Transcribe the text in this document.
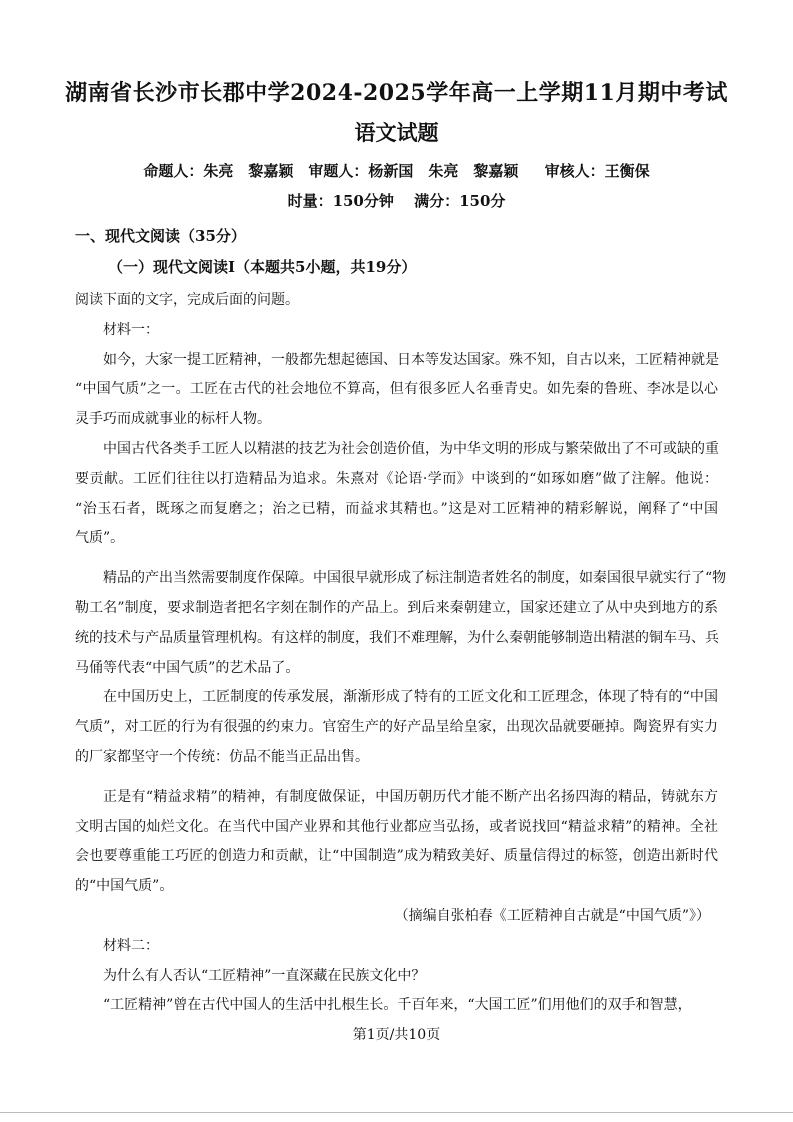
湖南省长沙市长郡中学2024-2025学年高一上学期11月期中考试
语文试题
命题人：朱亮　黎嘉颖　审题人：杨新国　朱亮　黎嘉颖　 审核人：王衡保
时量：150分钟　 满分：150分
一、现代文阅读（35分）
（一）现代文阅读Ⅰ（本题共5小题，共19分）
阅读下面的文字，完成后面的问题。
材料一：
如今，大家一提工匠精神，一般都先想起德国、日本等发达国家。殊不知，自古以来，工匠精神就是
“中国气质”之一。工匠在古代的社会地位不算高，但有很多匠人名垂青史。如先秦的鲁班、李冰是以心
灵手巧而成就事业的标杆人物。
中国古代各类手工匠人以精湛的技艺为社会创造价值，为中华文明的形成与繁荣做出了不可或缺的重
要贡献。工匠们往往以打造精品为追求。朱熹对《论语·学而》中谈到的“如琢如磨”做了注解。他说：
“治玉石者，既琢之而复磨之；治之已精，而益求其精也。”这是对工匠精神的精彩解说，阐释了“中国
气质”。
精品的产出当然需要制度作保障。中国很早就形成了标注制造者姓名的制度，如秦国很早就实行了“物
勒工名”制度，要求制造者把名字刻在制作的产品上。到后来秦朝建立，国家还建立了从中央到地方的系
统的技术与产品质量管理机构。有这样的制度，我们不难理解，为什么秦朝能够制造出精湛的铜车马、兵
马俑等代表“中国气质”的艺术品了。
在中国历史上，工匠制度的传承发展，渐渐形成了特有的工匠文化和工匠理念，体现了特有的“中国
气质”，对工匠的行为有很强的约束力。官窑生产的好产品呈给皇家，出现次品就要砸掉。陶瓷界有实力
的厂家都坚守一个传统：仿品不能当正品出售。
正是有“精益求精”的精神，有制度做保证，中国历朝历代才能不断产出名扬四海的精品，铸就东方
文明古国的灿烂文化。在当代中国产业界和其他行业都应当弘扬，或者说找回“精益求精”的精神。全社
会也要尊重能工巧匠的创造力和贡献，让“中国制造”成为精致美好、质量信得过的标签，创造出新时代
的“中国气质”。
（摘编自张柏春《工匠精神自古就是“中国气质”》）
材料二：
为什么有人否认“工匠精神”一直深藏在民族文化中？
“工匠精神”曾在古代中国人的生活中扎根生长。千百年来，“大国工匠”们用他们的双手和智慧，
第1页/共10页
